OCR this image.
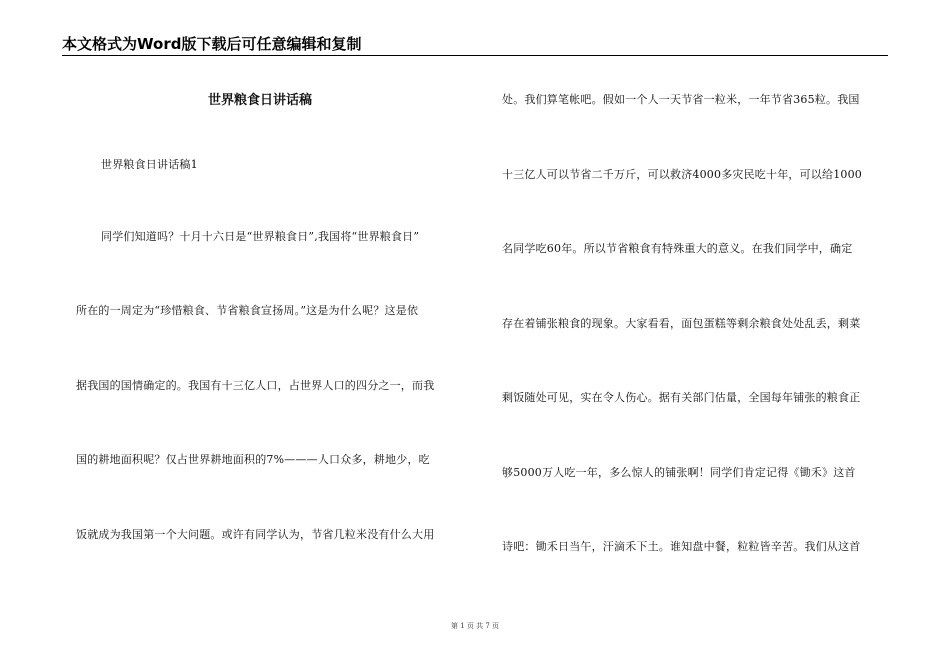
本文格式为Word版下载后可任意编辑和复制
世界粮食日讲话稿
世界粮食日讲话稿1
同学们知道吗？十月十六日是“世界粮食日”,我国将“世界粮食日”
所在的一周定为“珍惜粮食、节省粮食宣扬周。”这是为什么呢？这是依
据我国的国情确定的。我国有十三亿人口，占世界人口的四分之一，而我
国的耕地面积呢？仅占世界耕地面积的7%———人口众多，耕地少，吃
饭就成为我国第一个大问题。或许有同学认为，节省几粒米没有什么大用
处。我们算笔帐吧。假如一个人一天节省一粒米，一年节省365粒。我国
十三亿人可以节省二千万斤，可以救济4000多灾民吃十年，可以给1000
名同学吃60年。所以节省粮食有特殊重大的意义。在我们同学中，确定
存在着铺张粮食的现象。大家看看，面包蛋糕等剩余粮食处处乱丢，剩菜
剩饭随处可见，实在令人伤心。据有关部门估量，全国每年铺张的粮食正
够5000万人吃一年，多么惊人的铺张啊！同学们肯定记得《锄禾》这首
诗吧：锄禾日当午，汗滴禾下土。谁知盘中餐，粒粒皆辛苦。我们从这首
第 1 页 共 7 页
